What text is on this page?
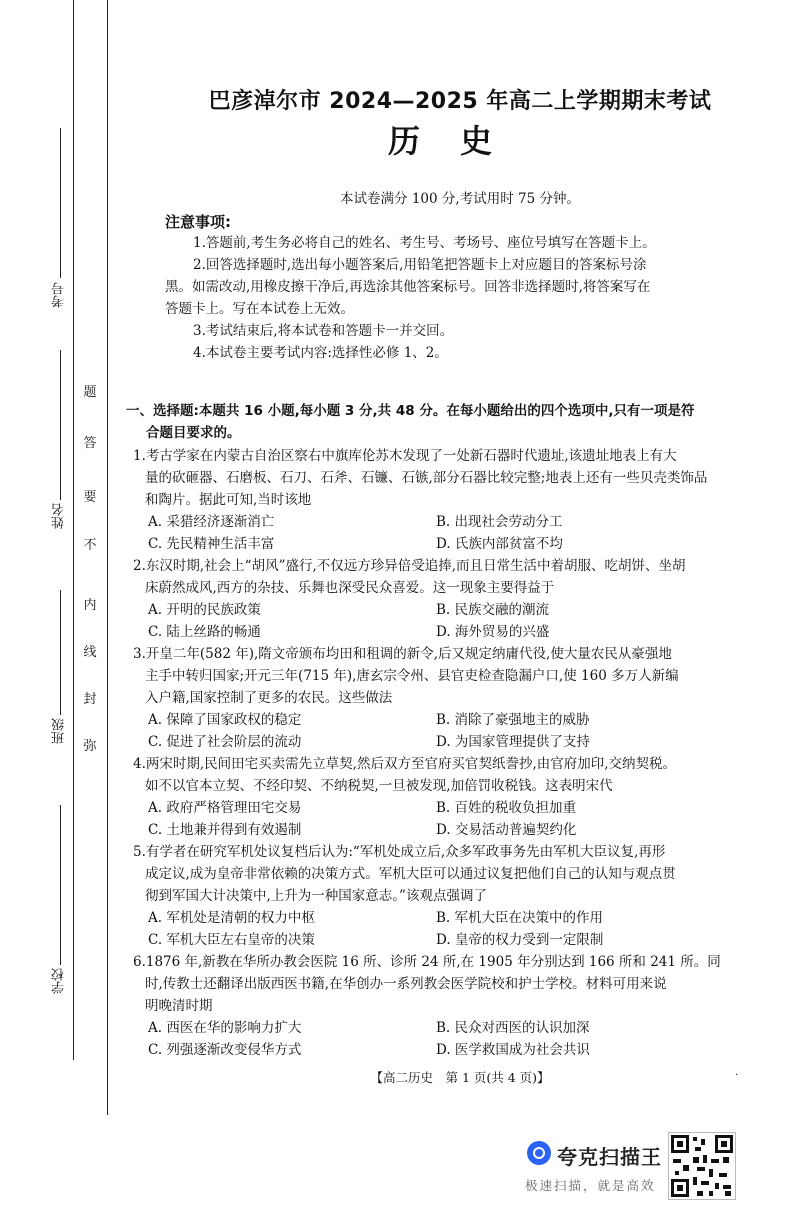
考号
姓名
班级
学校
弥
封
线
内
不
要
答
题
巴彦淖尔市 2024—2025 年高二上学期期末考试
历史
本试卷满分 100 分,考试用时 75 分钟。
注意事项:

1.答题前,考生务必将自己的姓名、考生号、考场号、座位号填写在答题卡上。

2.回答选择题时,选出每小题答案后,用铅笔把答题卡上对应题目的答案标号涂

黑。如需改动,用橡皮擦干净后,再选涂其他答案标号。回答非选择题时,将答案写在

答题卡上。写在本试卷上无效。

3.考试结束后,将本试卷和答题卡一并交回。

4.本试卷主要考试内容:选择性必修 1、2。

一、选择题:本题共 16 小题,每小题 3 分,共 48 分。在每小题给出的四个选项中,只有一项是符
合题目要求的。

1.考古学家在内蒙古自治区察右中旗库伦苏木发现了一处新石器时代遗址,该遗址地表上有大

量的砍砸器、石磨板、石刀、石斧、石镰、石镞,部分石器比较完整;地表上还有一些贝壳类饰品

和陶片。据此可知,当时该地

A. 采猎经济逐渐消亡	B. 出现社会劳动分工
C. 先民精神生活丰富	D. 氏族内部贫富不均

2.东汉时期,社会上“胡风”盛行,不仅远方珍异倍受追捧,而且日常生活中着胡服、吃胡饼、坐胡

床蔚然成风,西方的杂技、乐舞也深受民众喜爱。这一现象主要得益于

A. 开明的民族政策	B. 民族交融的潮流
C. 陆上丝路的畅通	D. 海外贸易的兴盛

3.开皇二年(582 年),隋文帝颁布均田和租调的新令,后又规定纳庸代役,使大量农民从豪强地

主手中转归国家;开元三年(715 年),唐玄宗令州、县官吏检查隐漏户口,使 160 多万人新编

入户籍,国家控制了更多的农民。这些做法

A. 保障了国家政权的稳定	B. 消除了豪强地主的威胁
C. 促进了社会阶层的流动	D. 为国家管理提供了支持

4.两宋时期,民间田宅买卖需先立草契,然后双方至官府买官契纸誊抄,由官府加印,交纳契税。

如不以官本立契、不经印契、不纳税契,一旦被发现,加倍罚收税钱。这表明宋代

A. 政府严格管理田宅交易	B. 百姓的税收负担加重
C. 土地兼并得到有效遏制	D. 交易活动普遍契约化

5.有学者在研究军机处议复档后认为:“军机处成立后,众多军政事务先由军机大臣议复,再形

成定议,成为皇帝非常依赖的决策方式。军机大臣可以通过议复把他们自己的认知与观点贯

彻到军国大计决策中,上升为一种国家意志。”该观点强调了

A. 军机处是清朝的权力中枢	B. 军机大臣在决策中的作用
C. 军机大臣左右皇帝的决策	D. 皇帝的权力受到一定限制

6.1876 年,新教在华所办教会医院 16 所、诊所 24 所,在 1905 年分别达到 166 所和 241 所。同

时,传教士还翻译出版西医书籍,在华创办一系列教会医学院校和护士学校。材料可用来说

明晚清时期

A. 西医在华的影响力扩大	B. 民众对西医的认识加深
C. 列强逐渐改变侵华方式	D. 医学救国成为社会共识
【高二历史　第 1 页(共 4 页)】	·
夸克扫描王
极速扫描，就是高效
